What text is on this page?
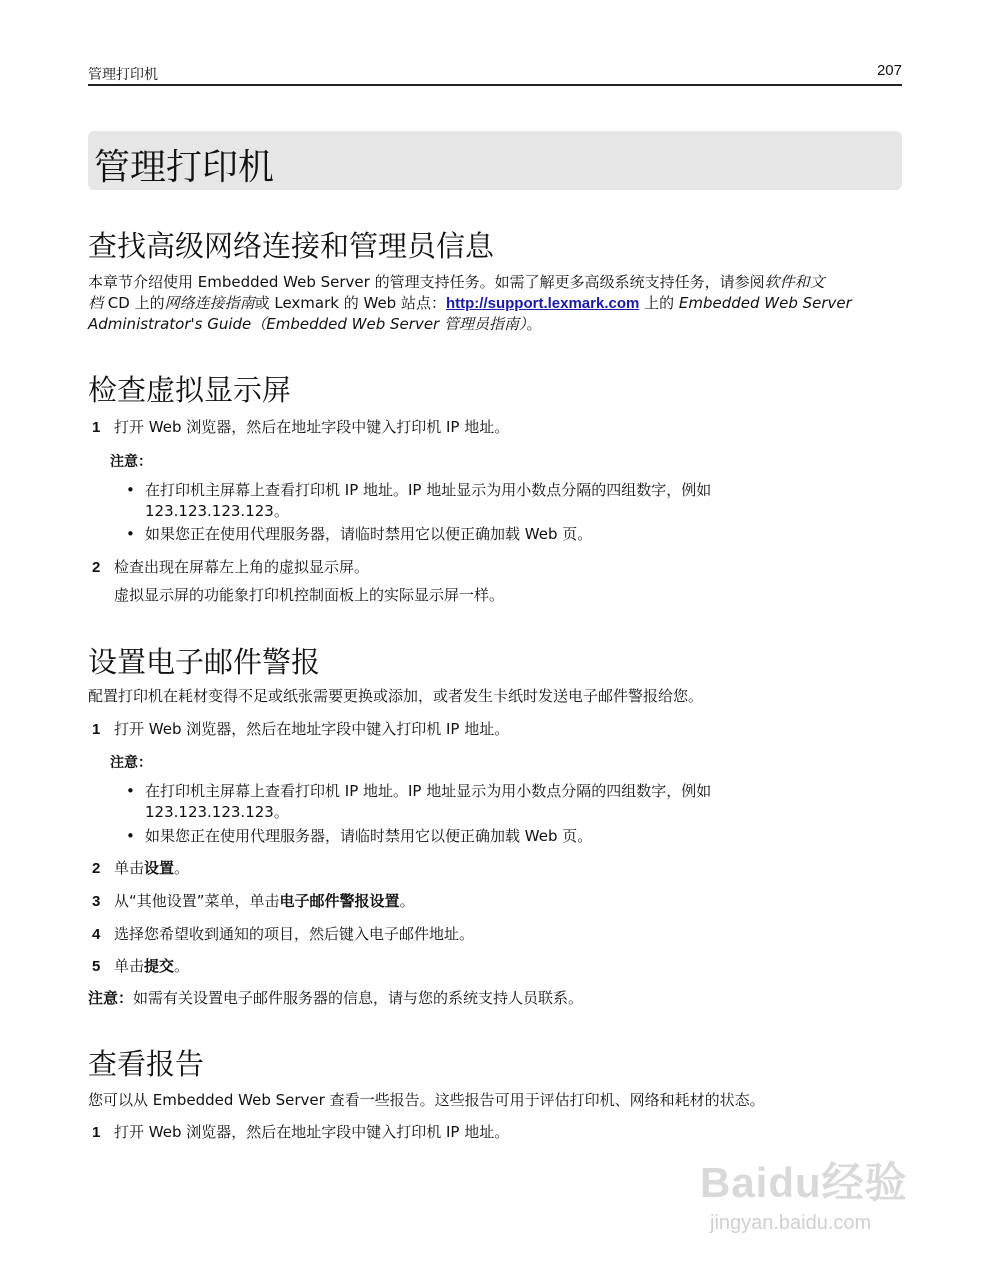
管理打印机	207
管理打印机
查找高级网络连接和管理员信息
本章节介绍使用 Embedded Web Server 的管理支持任务。如需了解更多高级系统支持任务，请参阅软件和文
档 CD 上的网络连接指南或 Lexmark 的 Web 站点：http://support.lexmark.com 上的 Embedded Web Server
Administrator's Guide（Embedded Web Server 管理员指南）。
检查虚拟显示屏
1 打开 Web 浏览器，然后在地址字段中键入打印机 IP 地址。
注意：
• 在打印机主屏幕上查看打印机 IP 地址。IP 地址显示为用小数点分隔的四组数字，例如
123.123.123.123。
• 如果您正在使用代理服务器，请临时禁用它以便正确加载 Web 页。
2 检查出现在屏幕左上角的虚拟显示屏。
虚拟显示屏的功能象打印机控制面板上的实际显示屏一样。
设置电子邮件警报
配置打印机在耗材变得不足或纸张需要更换或添加，或者发生卡纸时发送电子邮件警报给您。
1 打开 Web 浏览器，然后在地址字段中键入打印机 IP 地址。
注意：
• 在打印机主屏幕上查看打印机 IP 地址。IP 地址显示为用小数点分隔的四组数字，例如
123.123.123.123。
• 如果您正在使用代理服务器，请临时禁用它以便正确加载 Web 页。
2 单击设置。
3 从“其他设置”菜单，单击电子邮件警报设置。
4 选择您希望收到通知的项目，然后键入电子邮件地址。
5 单击提交。
注意：如需有关设置电子邮件服务器的信息，请与您的系统支持人员联系。
查看报告
您可以从 Embedded Web Server 查看一些报告。这些报告可用于评估打印机、网络和耗材的状态。
1 打开 Web 浏览器，然后在地址字段中键入打印机 IP 地址。
Baidu经验
jingyan.baidu.com
